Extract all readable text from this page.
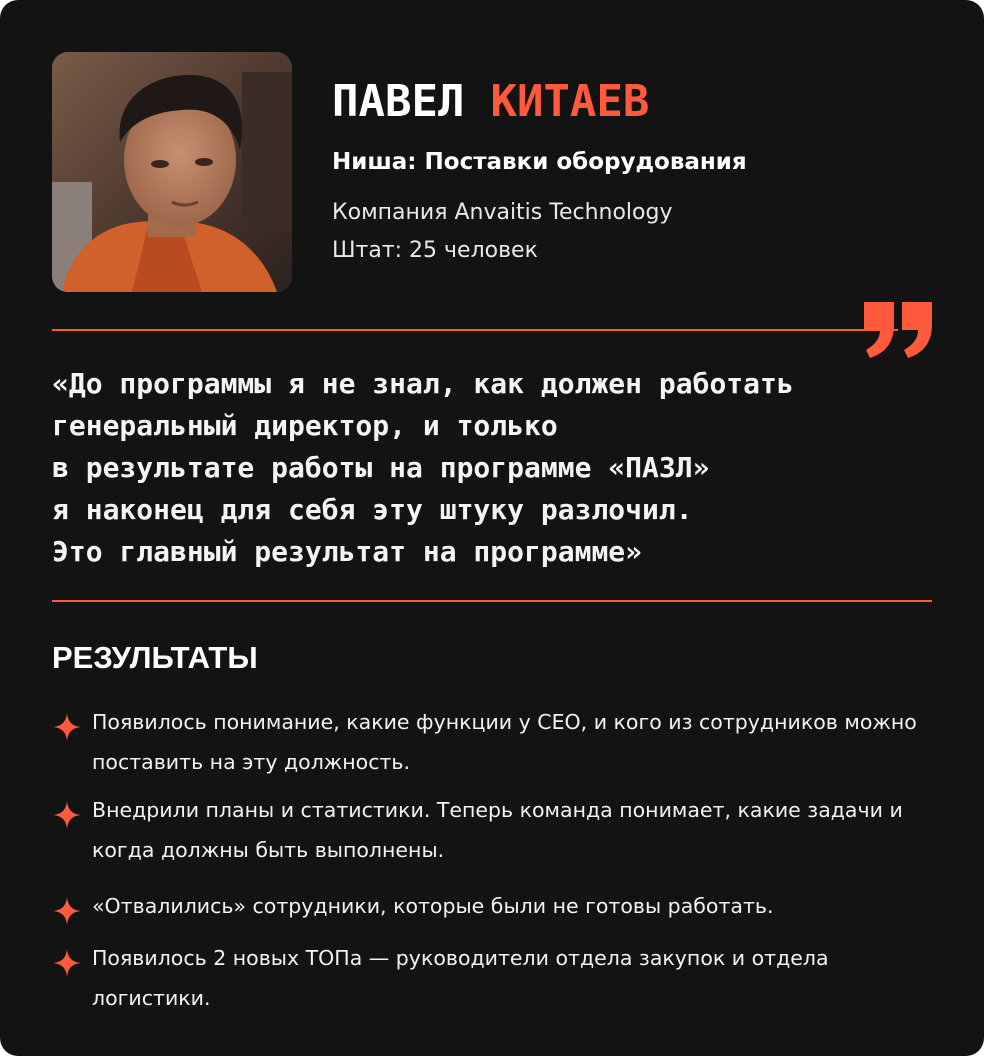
ПАВЕЛ КИТАЕВ
Ниша: Поставки оборудования
Компания Anvaitis Technology
Штат: 25 человек

«До программы я не знал, как должен работать
генеральный директор, и только
в результате работы на программе «ПАЗЛ»
я наконец для себя эту штуку разлочил.
Это главный результат на программе»

РЕЗУЛЬТАТЫ
Появилось понимание, какие функции у СЕО, и кого из сотрудников можно поставить на эту должность.
Внедрили планы и статистики. Теперь команда понимает, какие задачи и когда должны быть выполнены.
«Отвалились» сотрудники, которые были не готовы работать.
Появилось 2 новых ТОПа — руководители отдела закупок и отдела логистики.
